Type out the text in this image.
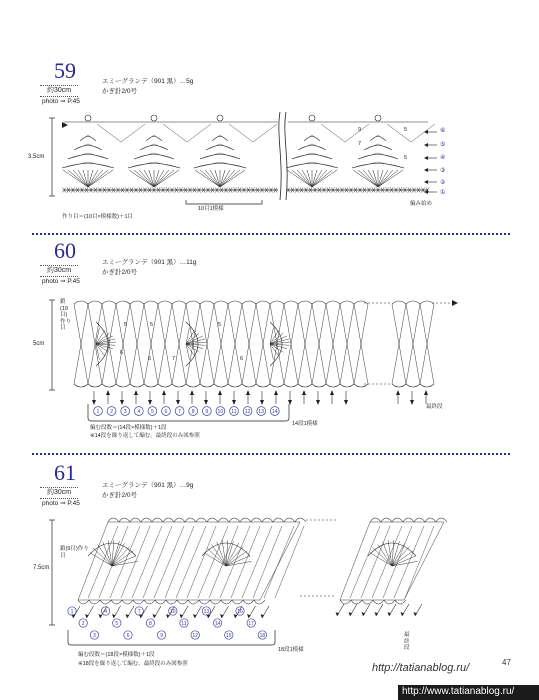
59
約30cm
photo ⇒ P.45
エミーグランデ（901 黒）…5g
かぎ針2/0号
3.5cm
10目1模様
作り目＝(10目×模様数)＋1目
編み始め
9	5
7
5
⑥
⑤
④
③
②
①
60
約30cm
photo ⇒ P.45
エミーグランデ（901 黒）…11g
かぎ針2/0号
1 2 3 4 5 6 7 8 9 10 11 12 13 14
5cm
鎖(19目)作り目
14段1模様
最終段
編む段数＝(14段×模様数)＋1段
※14段を繰り返して編む。最終段のみ図参照
5	5
6
6	7
5
6
61
約30cm
photo ⇒ P.45
エミーグランデ（901 黒）…9g
かぎ針2/0号
1
2
3
4
5
6
7
8
9
10
11
12
13
14
15
16
17
18
7.5cm
鎖(9目)作り目
18段1模様
最終段
編む段数＝(18段×模様数)＋1段
※18段を繰り返して編む。最終段のみ図参照	http://tatianablog.ru/	47
http://www.tatianablog.ru/
